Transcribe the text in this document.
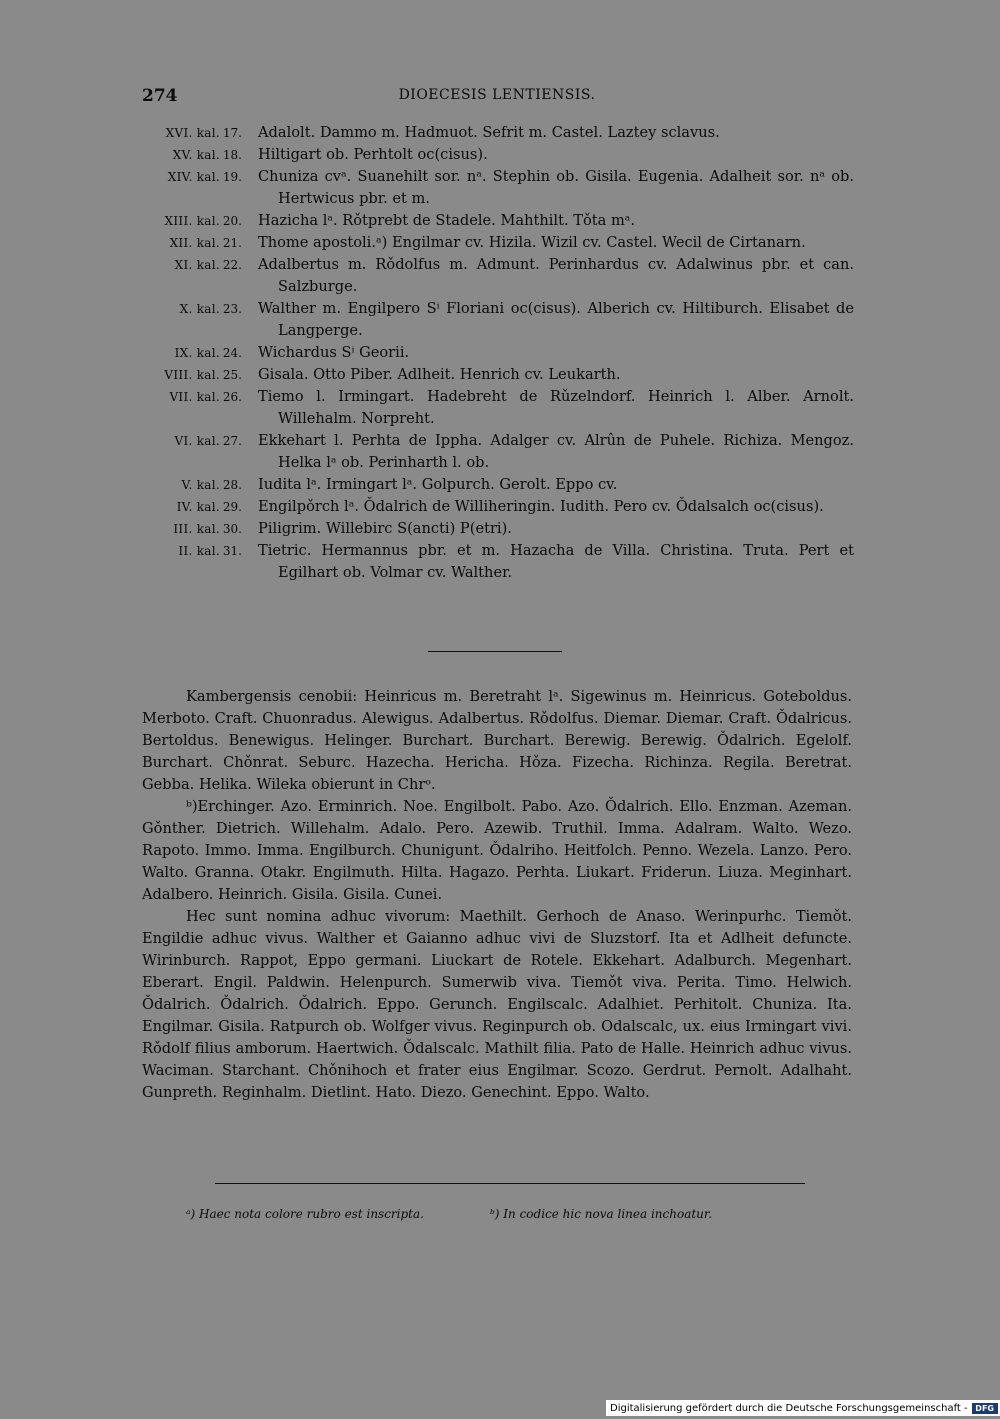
274	DIOECESIS LENTIENSIS.
XVI. kal. 17.	Adalolt. Dammo m. Hadmuot. Sefrit m. Castel. Laztey sclavus.
XV. kal. 18.	Hiltigart ob. Perhtolt oc(cisus).
XIV. kal. 19.	Chuniza cvᵃ. Suanehilt sor. nᵃ. Stephin ob. Gisila. Eugenia. Adalheit sor. nᵃ ob. Hertwicus pbr. et m.
XIII. kal. 20.	Hazicha lᵃ. Rǒtprebt de Stadele. Mahthilt. Tǒta mᵃ.
XII. kal. 21.	Thome apostoli.ᵃ) Engilmar cv. Hizila. Wizil cv. Castel. Wecil de Cirtanarn.
XI. kal. 22.	Adalbertus m. Rǒdolfus m. Admunt. Perinhardus cv. Adalwinus pbr. et can. Salzburge.
X. kal. 23.	Walther m. Engilpero Sⁱ Floriani oc(cisus). Alberich cv. Hiltiburch. Elisabet de Langperge.
IX. kal. 24.	Wichardus Sⁱ Georii.
VIII. kal. 25.	Gisala. Otto Piber. Adlheit. Henrich cv. Leukarth.
VII. kal. 26.	Tiemo l. Irmingart. Hadebreht de Rǔzelndorf. Heinrich l. Alber. Arnolt. Willehalm. Norpreht.
VI. kal. 27.	Ekkehart l. Perhta de Ippha. Adalger cv. Alrûn de Puhele. Richiza. Mengoz. Helka lᵃ ob. Perinharth l. ob.
V. kal. 28.	Iudita lᵃ. Irmingart lᵃ. Golpurch. Gerolt. Eppo cv.
IV. kal. 29.	Engilpǒrch lᵃ. Ǒdalrich de Williheringin. Iudith. Pero cv. Ǒdalsalch oc(cisus).
III. kal. 30.	Piligrim. Willebirc S(ancti) P(etri).
II. kal. 31.	Tietric. Hermannus pbr. et m. Hazacha de Villa. Christina. Truta. Pert et Egilhart ob. Volmar cv. Walther.

Kambergensis cenobii: Heinricus m. Beretraht lᵃ. Sigewinus m. Heinricus. Goteboldus. Merboto. Craft. Chuonradus. Alewigus. Adalbertus. Rǒdolfus. Diemar. Diemar. Craft. Ǒdalricus. Bertoldus. Benewigus. Helinger. Burchart. Burchart. Berewig. Berewig. Ǒdalrich. Egelolf. Burchart. Chǒnrat. Seburc. Hazecha. Hericha. Hǒza. Fizecha. Richinza. Regila. Beretrat. Gebba. Helika. Wileka obierunt in Chrᵒ.

ᵇ)Erchinger. Azo. Erminrich. Noe. Engilbolt. Pabo. Azo. Ǒdalrich. Ello. Enzman. Azeman. Gǒnther. Dietrich. Willehalm. Adalo. Pero. Azewib. Truthil. Imma. Adalram. Walto. Wezo. Rapoto. Immo. Imma. Engilburch. Chunigunt. Ǒdalriho. Heitfolch. Penno. Wezela. Lanzo. Pero. Walto. Granna. Otakr. Engilmuth. Hilta. Hagazo. Perhta. Liukart. Friderun. Liuza. Meginhart. Adalbero. Heinrich. Gisila. Gisila. Cunei.

Hec sunt nomina adhuc vivorum: Maethilt. Gerhoch de Anaso. Werinpurhc. Tiemǒt. Engildie adhuc vivus. Walther et Gaianno adhuc vivi de Sluzstorf. Ita et Adlheit defuncte. Wirinburch. Rappot, Eppo germani. Liuckart de Rotele. Ekkehart. Adalburch. Megenhart. Eberart. Engil. Paldwin. Helenpurch. Sumerwib viva. Tiemǒt viva. Perita. Timo. Helwich. Ǒdalrich. Ǒdalrich. Ǒdalrich. Eppo. Gerunch. Engilscalc. Adalhiet. Perhitolt. Chuniza. Ita. Engilmar. Gisila. Ratpurch ob. Wolfger vivus. Reginpurch ob. Odalscalc, ux. eius Irmingart vivi. Rǒdolf filius amborum. Haertwich. Ǒdalscalc. Mathilt filia. Pato de Halle. Heinrich adhuc vivus. Waciman. Starchant. Chǒnihoch et frater eius Engilmar. Scozo. Gerdrut. Pernolt. Adalhaht. Gunpreth. Reginhalm. Dietlint. Hato. Diezo. Genechint. Eppo. Walto.

ᵃ) Haec nota colore rubro est inscripta.	ᵇ) In codice hic nova linea inchoatur.
Digitalisierung gefördert durch die Deutsche Forschungsgemeinschaft - DFG
